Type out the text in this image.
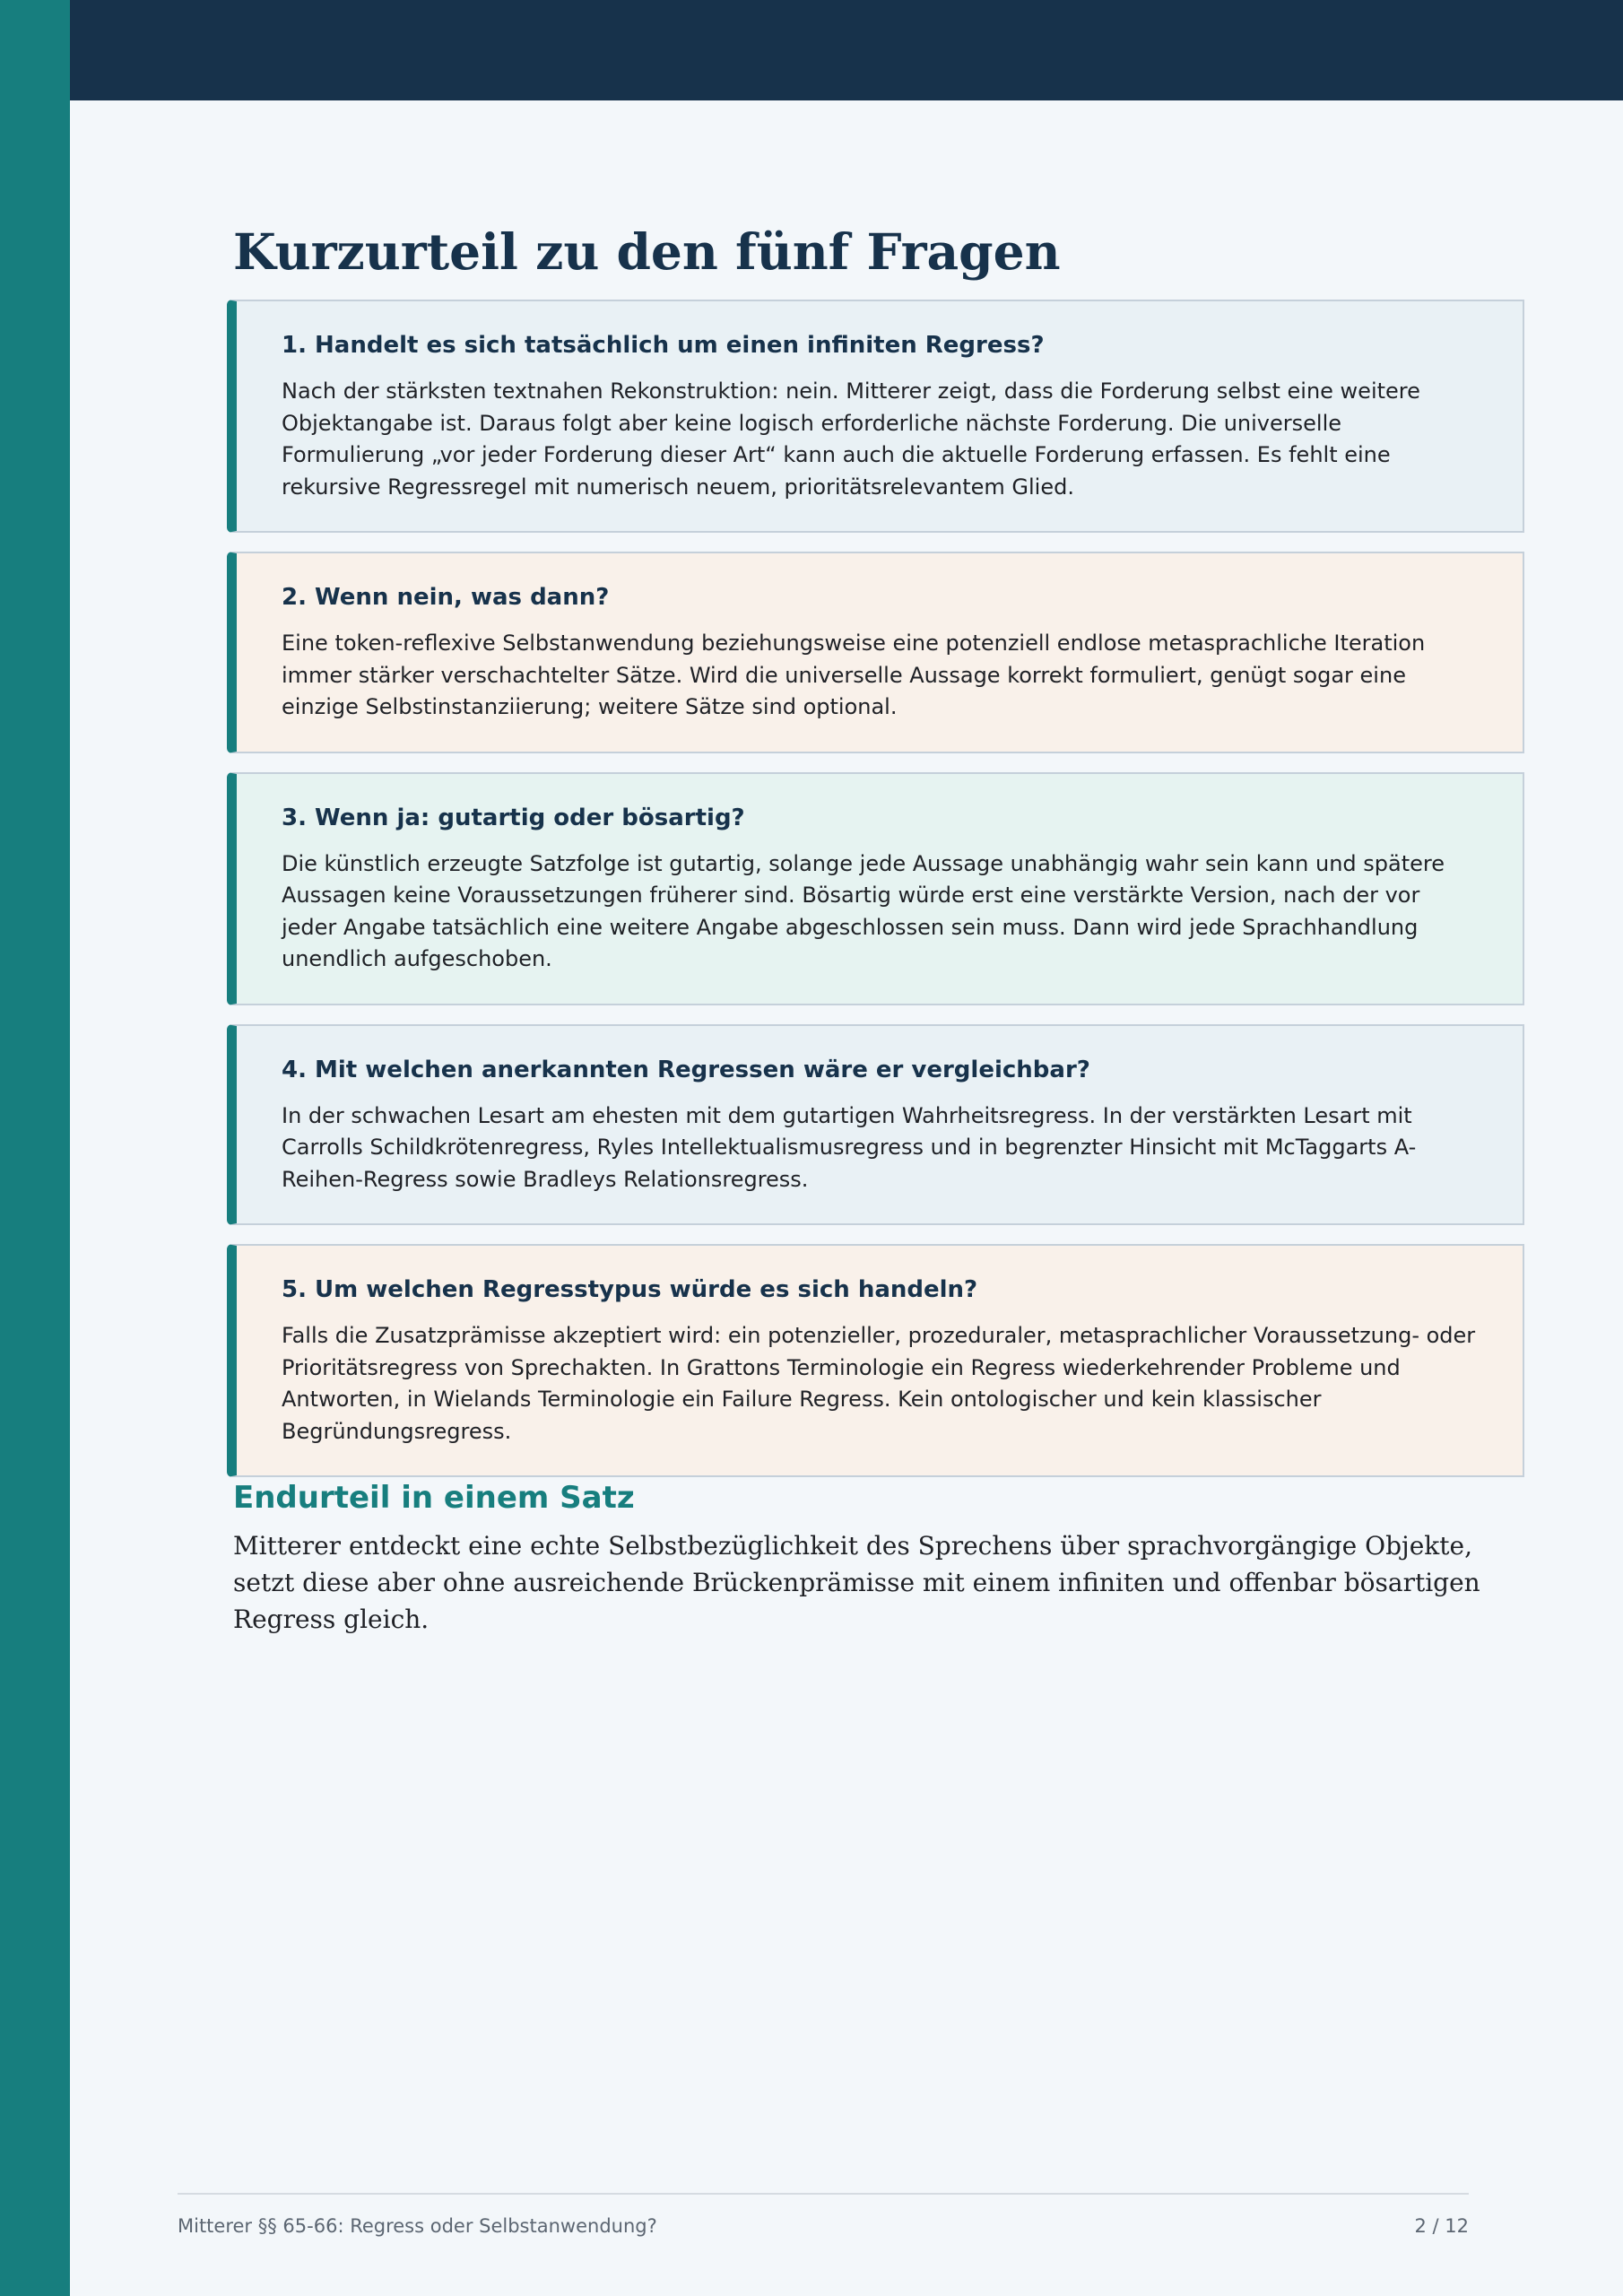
Kurzurteil zu den fünf Fragen
1. Handelt es sich tatsächlich um einen infiniten Regress?

Nach der stärksten textnahen Rekonstruktion: nein. Mitterer zeigt, dass die Forderung selbst eine weitere Objektangabe ist. Daraus folgt aber keine logisch erforderliche nächste Forderung. Die universelle Formulierung „vor jeder Forderung dieser Art“ kann auch die aktuelle Forderung erfassen. Es fehlt eine rekursive Regressregel mit numerisch neuem, prioritätsrelevantem Glied.

2. Wenn nein, was dann?

Eine token-reflexive Selbstanwendung beziehungsweise eine potenziell endlose metasprachliche Iteration immer stärker verschachtelter Sätze. Wird die universelle Aussage korrekt formuliert, genügt sogar eine einzige Selbstinstanziierung; weitere Sätze sind optional.

3. Wenn ja: gutartig oder bösartig?

Die künstlich erzeugte Satzfolge ist gutartig, solange jede Aussage unabhängig wahr sein kann und spätere Aussagen keine Voraussetzungen früherer sind. Bösartig würde erst eine verstärkte Version, nach der vor jeder Angabe tatsächlich eine weitere Angabe abgeschlossen sein muss. Dann wird jede Sprachhandlung unendlich aufgeschoben.

4. Mit welchen anerkannten Regressen wäre er vergleichbar?

In der schwachen Lesart am ehesten mit dem gutartigen Wahrheitsregress. In der verstärkten Lesart mit Carrolls Schildkrötenregress, Ryles Intellektualismusregress und in begrenzter Hinsicht mit McTaggarts A-Reihen-Regress sowie Bradleys Relationsregress.

5. Um welchen Regresstypus würde es sich handeln?

Falls die Zusatzprämisse akzeptiert wird: ein potenzieller, prozeduraler, metasprachlicher Voraussetzung- oder Prioritätsregress von Sprechakten. In Grattons Terminologie ein Regress wiederkehrender Probleme und Antworten, in Wielands Terminologie ein Failure Regress. Kein ontologischer und kein klassischer Begründungsregress.

Endurteil in einem Satz

Mitterer entdeckt eine echte Selbstbezüglichkeit des Sprechens über sprachvorgängige Objekte, setzt diese aber ohne ausreichende Brückenprämisse mit einem infiniten und offenbar bösartigen Regress gleich.

Mitterer §§ 65-66: Regress oder Selbstanwendung?	2 / 12
